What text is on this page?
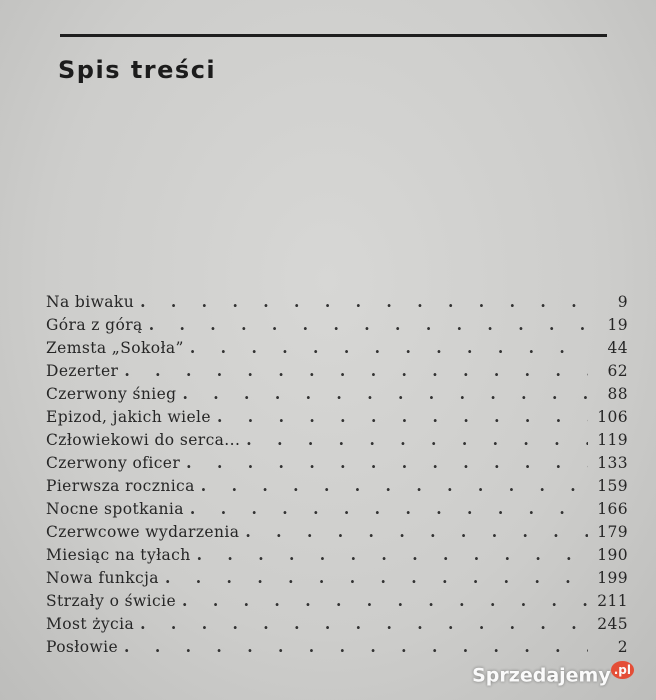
Spis treści
Na biwaku . . .	9
Góra z górą . . .	19
Zemsta „Sokoła” . . .	44
Dezerter . . .	62
Czerwony śnieg . . .	88
Epizod, jakich wiele . . .	106
Człowiekowi do serca... . . .	119
Czerwony oficer . . .	133
Pierwsza rocznica . . .	159
Nocne spotkania . . .	166
Czerwcowe wydarzenia . . .	179
Miesiąc na tyłach . . .	190
Nowa funkcja . . .	199
Strzały o świcie . . .	211
Most życia . . .	245
Posłowie . . .	2
Sprzedajemy $^{.pl}$
